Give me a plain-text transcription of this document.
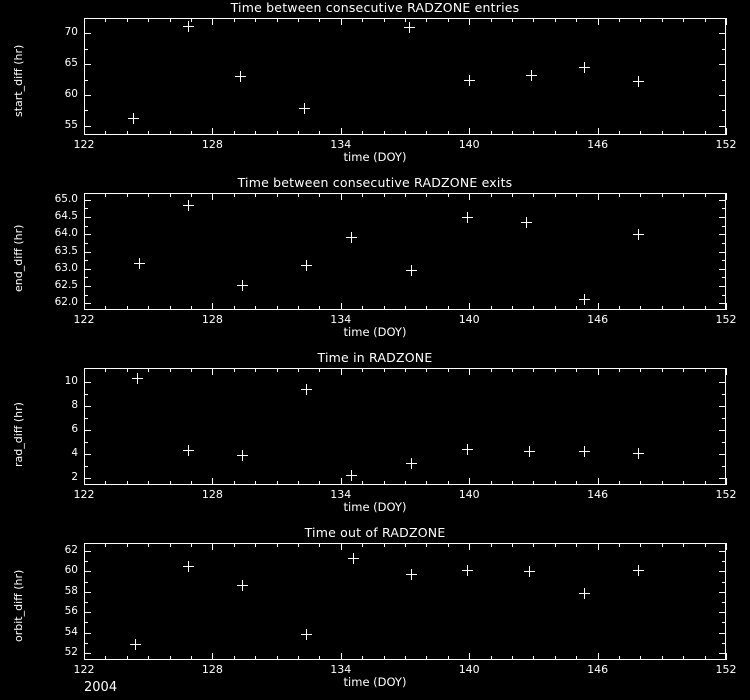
Time between consecutive RADZONE entries
start_diff (hr)
time (DOY)
122	128	134	140	146	152
55
60
65
70
Time between consecutive RADZONE exits
end_diff (hr)
time (DOY)
122	128	134	140	146	152
62.0
62.5
63.0
63.5
64.0
64.5
65.0
Time in RADZONE
rad_diff (hr)
time (DOY)
122	128	134	140	146	152
2
4
6
8
10
Time out of RADZONE
orbit_diff (hr)
time (DOY)
122	128	134	140	146	152
52
54
56
58
60
62
2004
